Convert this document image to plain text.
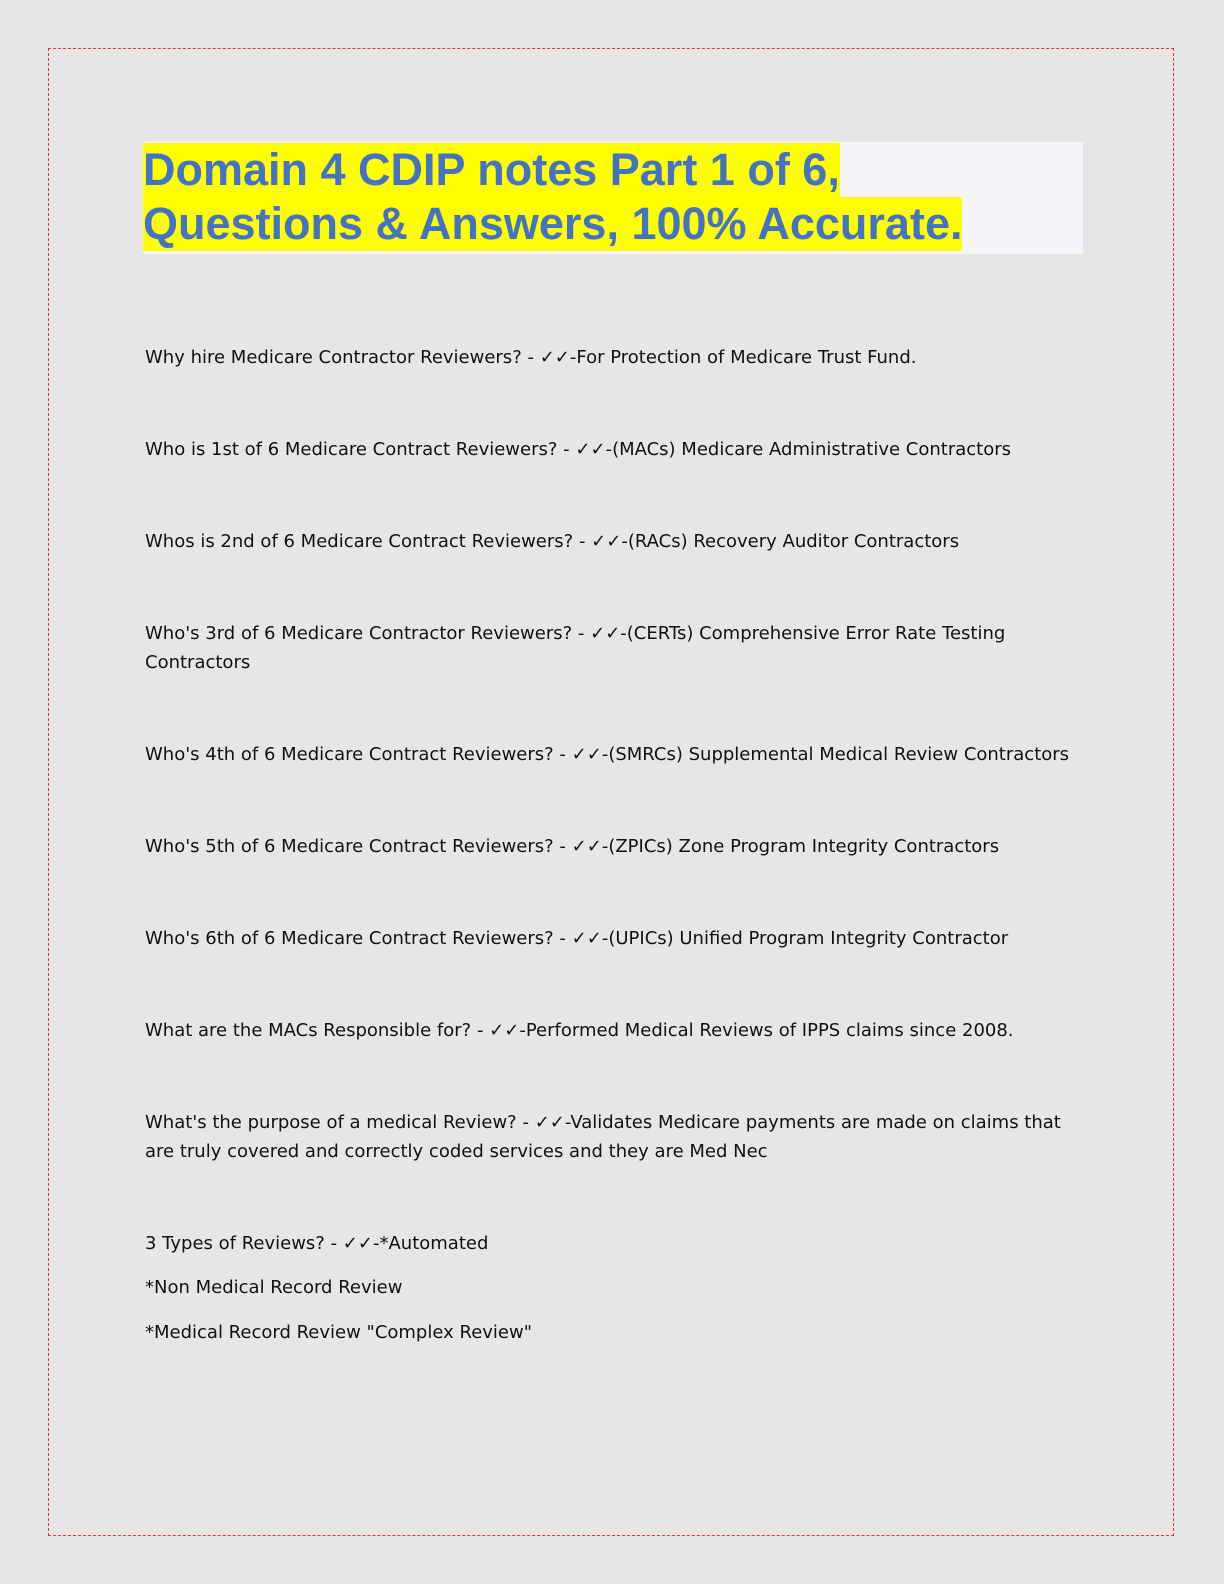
Domain 4 CDIP notes Part 1 of 6,
Questions & Answers, 100% Accurate.

Why hire Medicare Contractor Reviewers? - ✓✓-For Protection of Medicare Trust Fund.

Who is 1st of 6 Medicare Contract Reviewers? - ✓✓-(MACs) Medicare Administrative Contractors

Whos is 2nd of 6 Medicare Contract Reviewers? - ✓✓-(RACs) Recovery Auditor Contractors

Who's 3rd of 6 Medicare Contractor Reviewers? - ✓✓-(CERTs) Comprehensive Error Rate Testing Contractors

Who's 4th of 6 Medicare Contract Reviewers? - ✓✓-(SMRCs) Supplemental Medical Review Contractors

Who's 5th of 6 Medicare Contract Reviewers? - ✓✓-(ZPICs) Zone Program Integrity Contractors

Who's 6th of 6 Medicare Contract Reviewers? - ✓✓-(UPICs) Unified Program Integrity Contractor

What are the MACs Responsible for? - ✓✓-Performed Medical Reviews of IPPS claims since 2008.

What's the purpose of a medical Review? - ✓✓-Validates Medicare payments are made on claims that are truly covered and correctly coded services and they are Med Nec

3 Types of Reviews? - ✓✓-*Automated

*Non Medical Record Review

*Medical Record Review "Complex Review"
